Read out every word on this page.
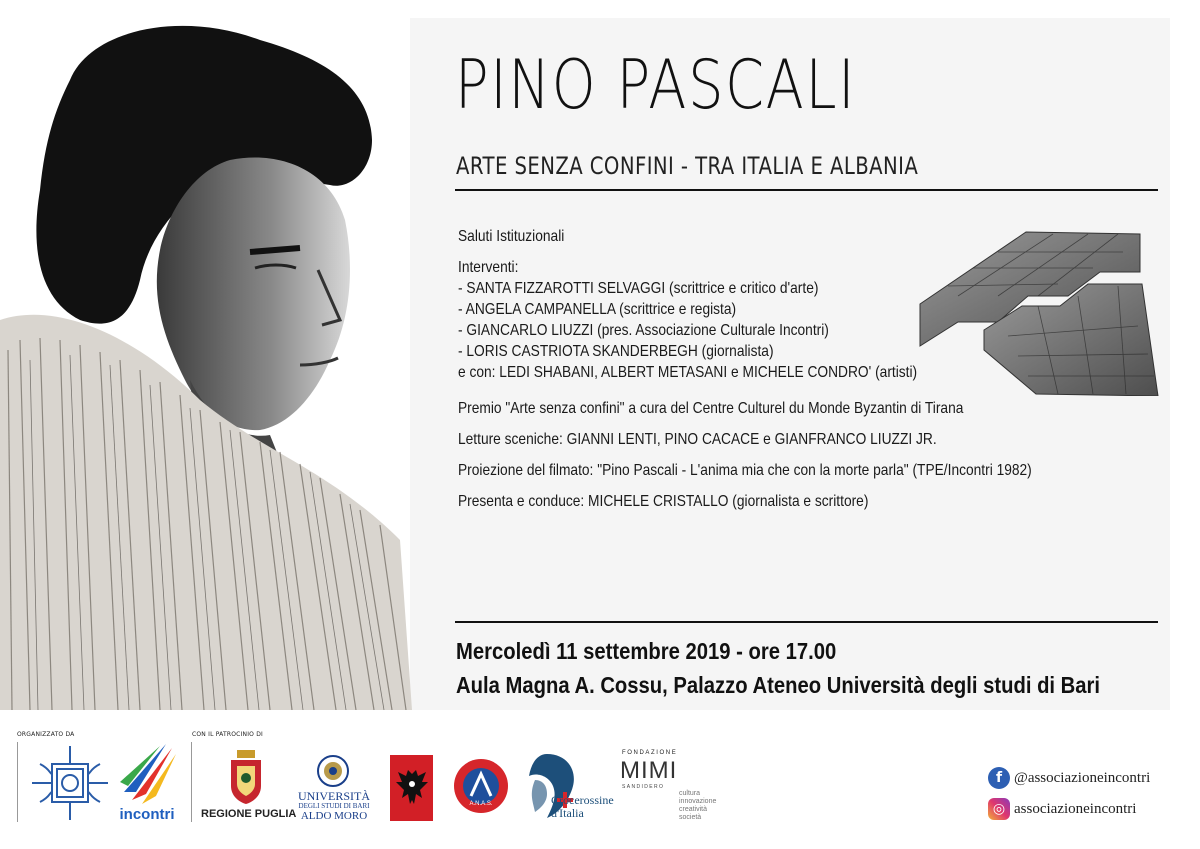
PINO PASCALI
ARTE SENZA CONFINI - TRA ITALIA E ALBANIA
Saluti Istituzionali
Interventi:
- SANTA FIZZAROTTI SELVAGGI (scrittrice e critico d'arte)
- ANGELA CAMPANELLA (scrittrice e regista)
- GIANCARLO LIUZZI (pres. Associazione Culturale Incontri)
- LORIS CASTRIOTA SKANDERBEGH (giornalista)
e con: LEDI SHABANI, ALBERT METASANI e MICHELE CONDRO' (artisti)
Premio "Arte senza confini" a cura del Centre Culturel du Monde Byzantin di Tirana
Letture sceniche: GIANNI LENTI, PINO CACACE e GIANFRANCO LIUZZI JR.
Proiezione del filmato: "Pino Pascali - L'anima mia che con la morte parla" (TPE/Incontri 1982)
Presenta e conduce: MICHELE CRISTALLO (giornalista e scrittore)
Mercoledì 11 settembre 2019 - ore 17.00
Aula Magna A. Cossu, Palazzo Ateneo Università degli studi di Bari
ORGANIZZATO DA	CON IL PATROCINIO DI
incontri	REGIONE PUGLIA
UNIVERSITÀ
DEGLI STUDI DI BARI
ALDO MORO
A.N.A.S.	Crocerossine
d'Italia
FONDAZIONE
MIMI
SANDIDERO
cultura
innovazione
creatività
società
f @associazioneincontri
◎ associazioneincontri
